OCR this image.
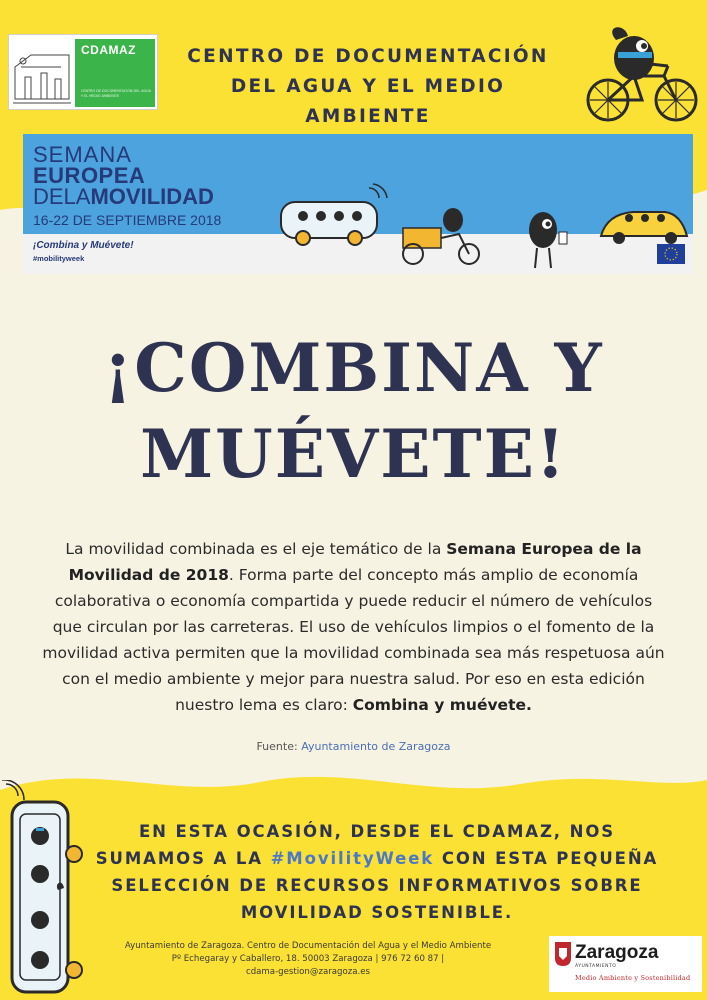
CDAMAZ
CENTRO DE DOCUMENTACIÓN DEL AGUA Y EL MEDIO AMBIENTE
CENTRO DE DOCUMENTACIÓN
DEL AGUA Y EL MEDIO AMBIENTE
SEMANA
EUROPEA
DELAMOVILIDAD
16-22 DE SEPTIEMBRE 2018
¡Combina y Muévete!
#mobilityweek
¡COMBINA Y
MUÉVETE!
La movilidad combinada es el eje temático de la Semana Europea de la Movilidad de 2018. Forma parte del concepto más amplio de economía colaborativa o economía compartida y puede reducir el número de vehículos que circulan por las carreteras. El uso de vehículos limpios o el fomento de la movilidad activa permiten que la movilidad combinada sea más respetuosa aún con el medio ambiente y mejor para nuestra salud. Por eso en esta edición nuestro lema es claro: Combina y muévete.
Fuente: Ayuntamiento de Zaragoza
EN ESTA OCASIÓN, DESDE EL CDAMAZ, NOS SUMAMOS A LA #MovilityWeek CON ESTA PEQUEÑA SELECCIÓN DE RECURSOS INFORMATIVOS SOBRE MOVILIDAD SOSTENIBLE.
Ayuntamiento de Zaragoza. Centro de Documentación del Agua y el Medio Ambiente
Pº Echegaray y Caballero, 18. 50003 Zaragoza | 976 72 60 87 |
cdama-gestion@zaragoza.es
Zaragoza
AYUNTAMIENTO
Medio Ambiente y Sostenibilidad
